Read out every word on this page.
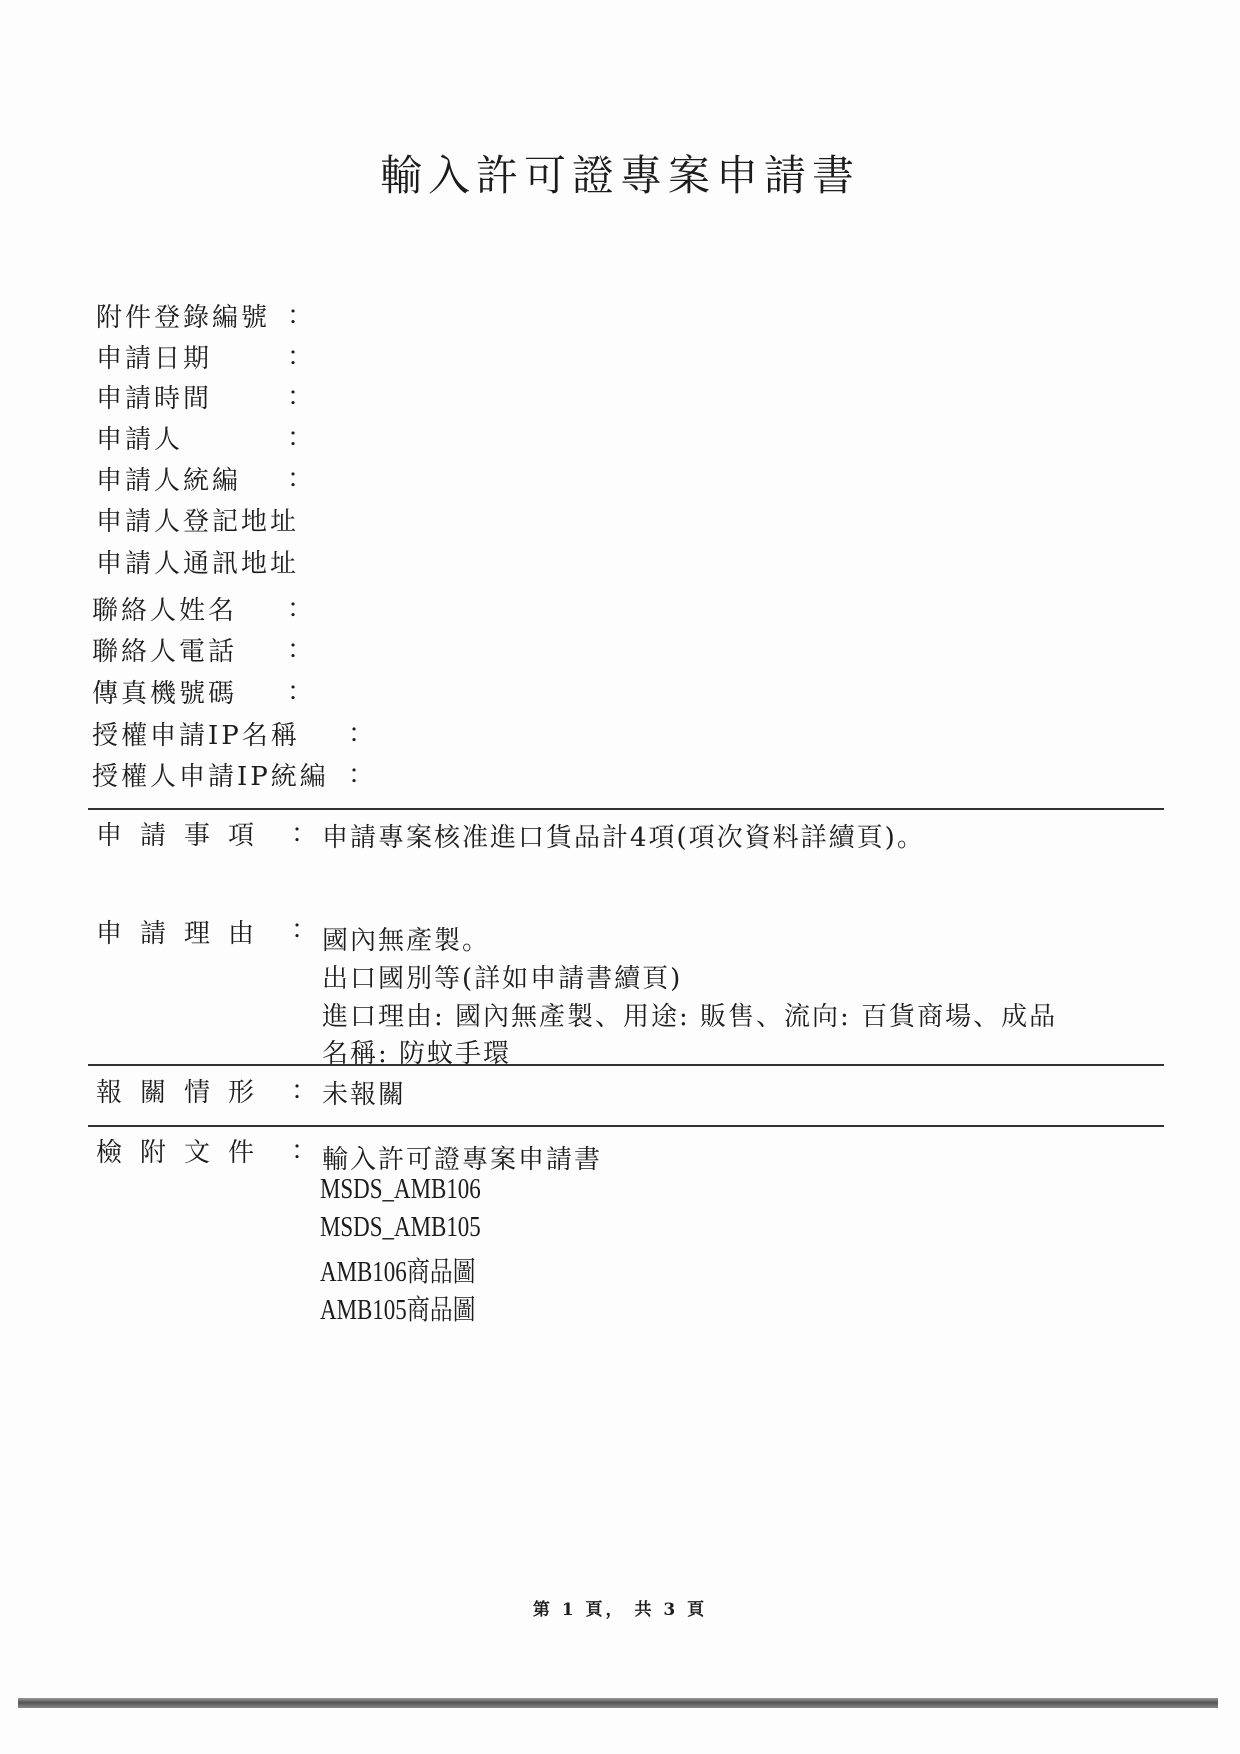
輸入許可證專案申請書
附件登錄編號 ：
申請日期	：
申請時間	：
申請人	：
申請人統編 ：
申請人登記地址
申請人通訊地址
聯絡人姓名 ：
聯絡人電話 ：
傳真機號碼 ：
授權申請IP名稱 ：
授權人申請IP統編 ：
申請事項 ： 申請專案核准進口貨品計4項(項次資料詳續頁)。
申請理由 ： 國內無產製。
出口國別等(詳如申請書續頁)
進口理由: 國內無產製、用途: 販售、流向: 百貨商場、成品
名稱: 防蚊手環
報關情形 ： 未報關
檢附文件 ： 輸入許可證專案申請書
MSDS_AMB106
MSDS_AMB105
AMB106商品圖
AMB105商品圖
第 1 頁， 共 3 頁
